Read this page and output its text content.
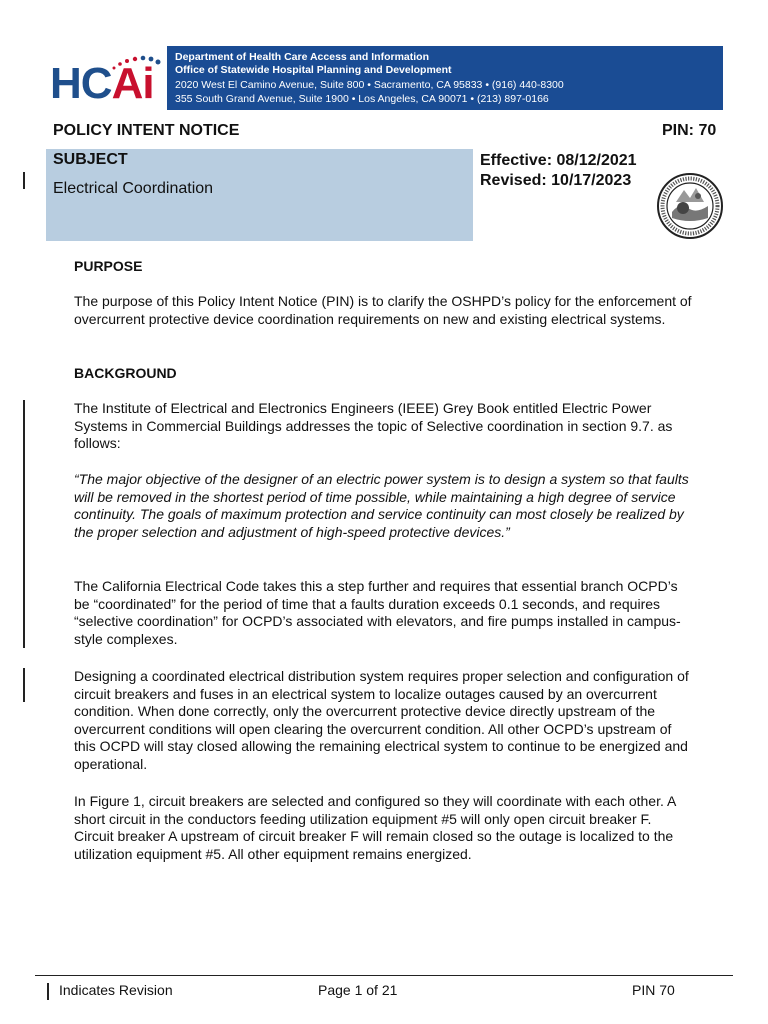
HCAi
Department of Health Care Access and Information
Office of Statewide Hospital Planning and Development
2020 West El Camino Avenue, Suite 800 • Sacramento, CA 95833 • (916) 440-8300
355 South Grand Avenue, Suite 1900 • Los Angeles, CA 90071 • (213) 897-0166
POLICY INTENT NOTICE	PIN: 70
SUBJECT
Electrical Coordination
Effective: 08/12/2021
Revised: 10/17/2023
PURPOSE
The purpose of this Policy Intent Notice (PIN) is to clarify the OSHPD’s policy for the enforcement of overcurrent protective device coordination requirements on new and existing electrical systems.
BACKGROUND
The Institute of Electrical and Electronics Engineers (IEEE) Grey Book entitled Electric Power Systems in Commercial Buildings addresses the topic of Selective coordination in section 9.7. as follows:
“The major objective of the designer of an electric power system is to design a system so that faults will be removed in the shortest period of time possible, while maintaining a high degree of service continuity. The goals of maximum protection and service continuity can most closely be realized by the proper selection and adjustment of high-speed protective devices.”
The California Electrical Code takes this a step further and requires that essential branch OCPD’s be “coordinated” for the period of time that a faults duration exceeds 0.1 seconds, and requires “selective coordination” for OCPD’s associated with elevators, and fire pumps installed in campus-style complexes.
Designing a coordinated electrical distribution system requires proper selection and configuration of circuit breakers and fuses in an electrical system to localize outages caused by an overcurrent condition. When done correctly, only the overcurrent protective device directly upstream of the overcurrent conditions will open clearing the overcurrent condition. All other OCPD’s upstream of this OCPD will stay closed allowing the remaining electrical system to continue to be energized and operational.
In Figure 1, circuit breakers are selected and configured so they will coordinate with each other. A short circuit in the conductors feeding utilization equipment #5 will only open circuit breaker F. Circuit breaker A upstream of circuit breaker F will remain closed so the outage is localized to the utilization equipment #5. All other equipment remains energized.
Indicates Revision	Page 1 of 21	PIN 70
